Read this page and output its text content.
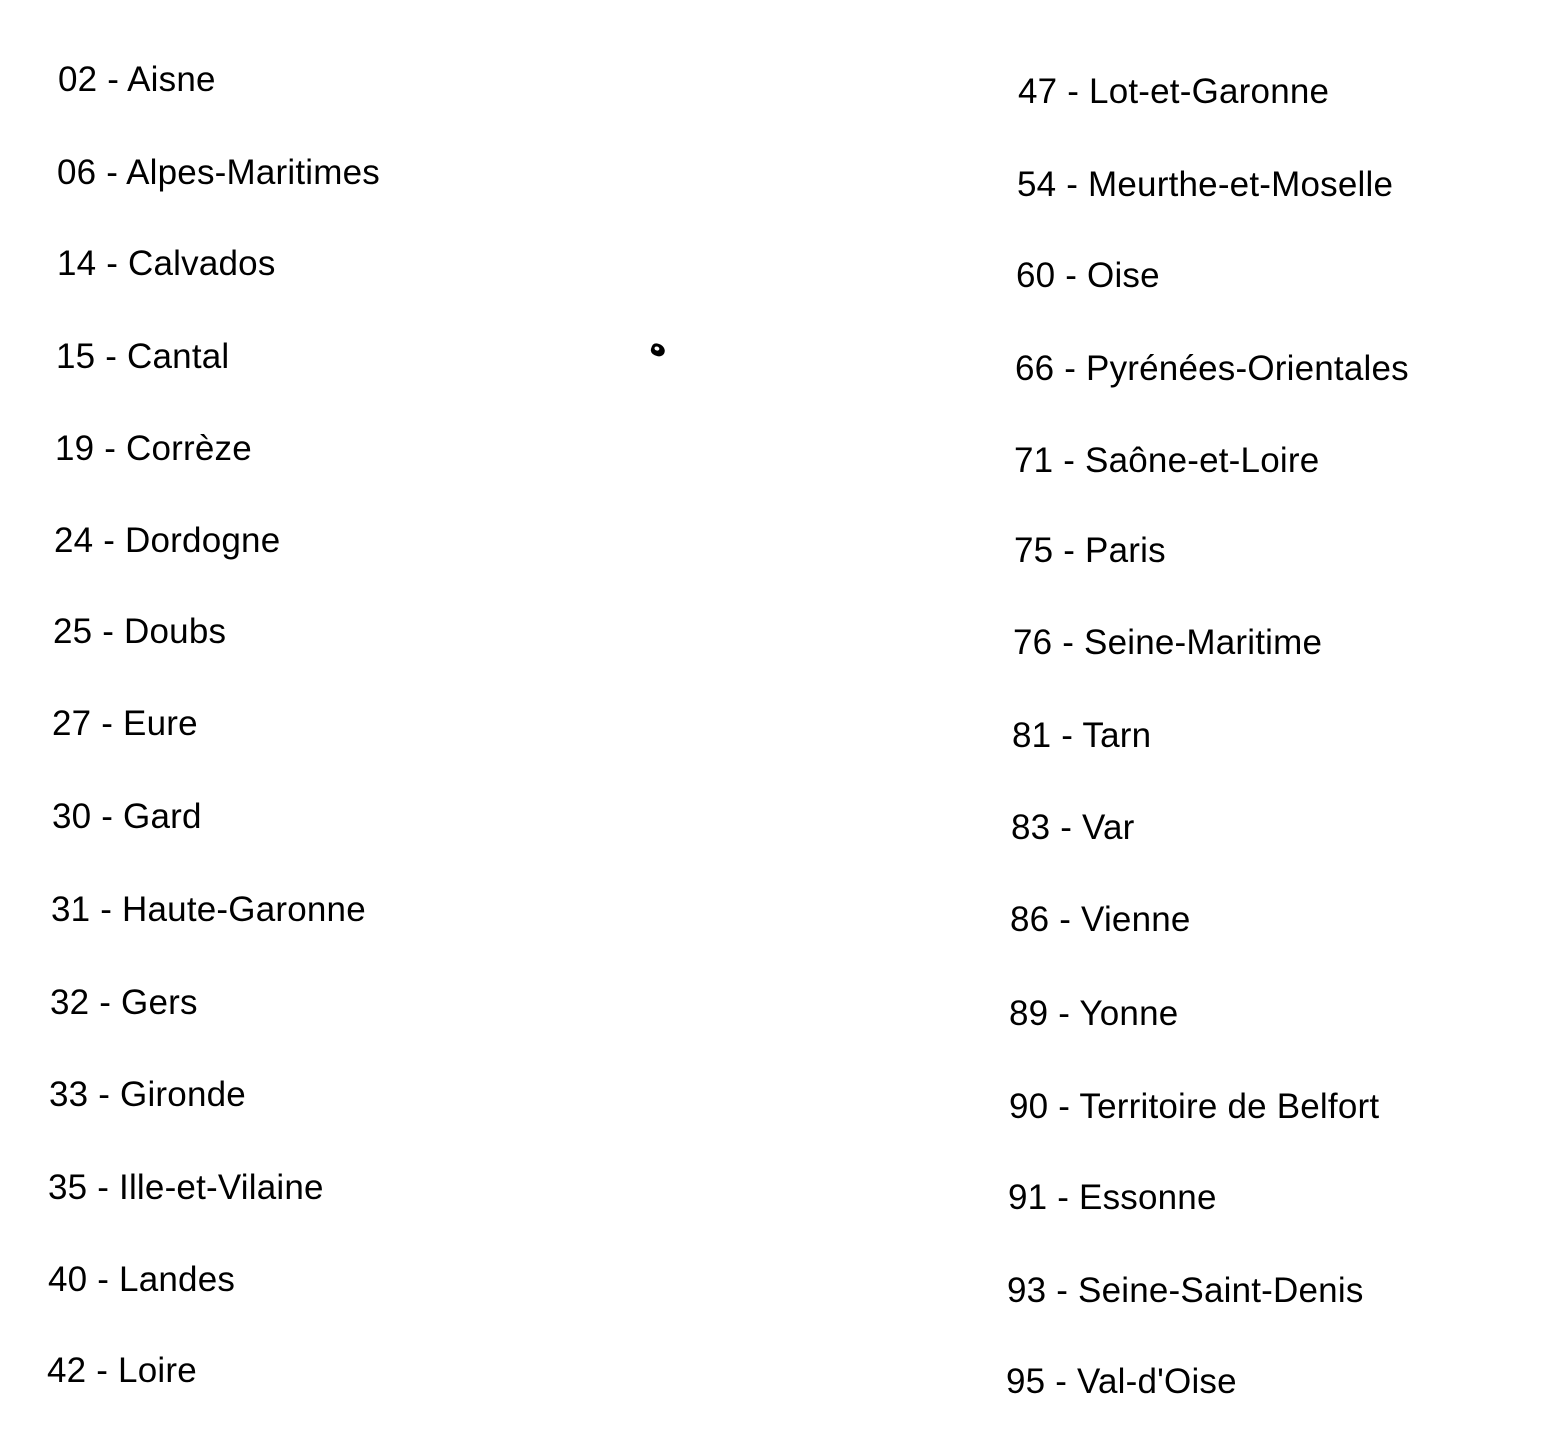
02 - Aisne
06 - Alpes-Maritimes
14 - Calvados
15 - Cantal
19 - Corrèze
24 - Dordogne
25 - Doubs
27 - Eure
30 - Gard
31 - Haute-Garonne
32 - Gers
33 - Gironde
35 - Ille-et-Vilaine
40 - Landes
42 - Loire
47 - Lot-et-Garonne
54 - Meurthe-et-Moselle
60 - Oise
66 - Pyrénées-Orientales
71 - Saône-et-Loire
75 - Paris
76 - Seine-Maritime
81 - Tarn
83 - Var
86 - Vienne
89 - Yonne
90 - Territoire de Belfort
91 - Essonne
93 - Seine-Saint-Denis
95 - Val-d'Oise
